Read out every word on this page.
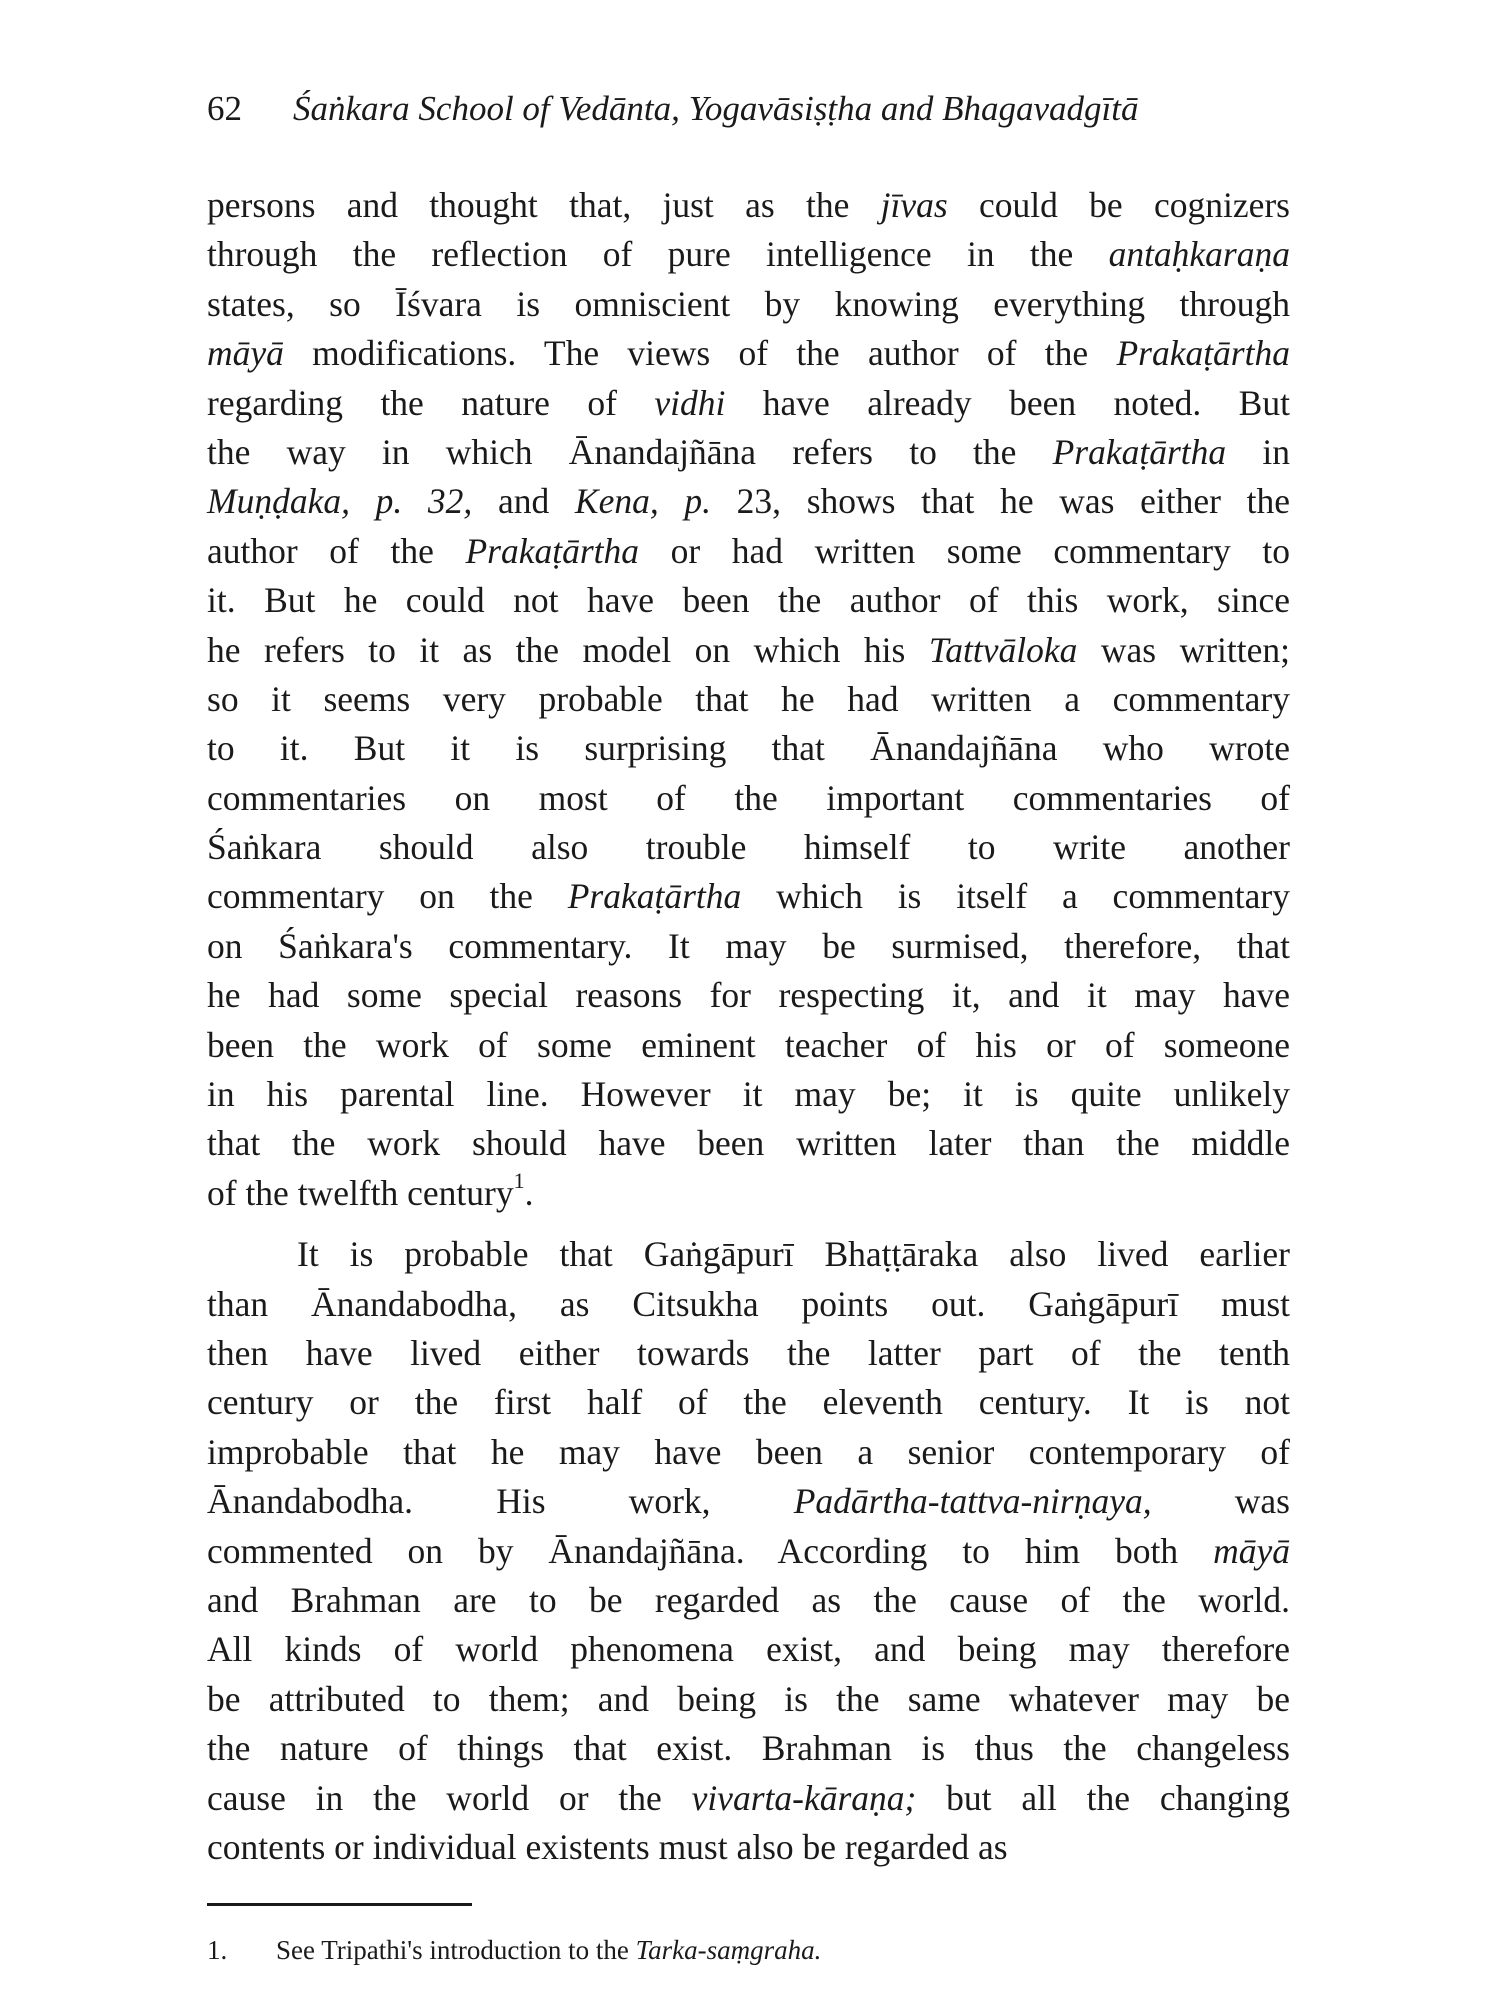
62 Śaṅkara School of Vedānta, Yogavāsiṣṭha and Bhagavadgītā
persons and thought that, just as the jīvas could be cognizers
through the reflection of pure intelligence in the antaḥkaraṇa
states, so Īśvara is omniscient by knowing everything through
māyā modifications. The views of the author of the Prakaṭārtha
regarding the nature of vidhi have already been noted. But
the way in which Ānandajñāna refers to the Prakaṭārtha in
Muṇḍaka, p. 32, and Kena, p. 23, shows that he was either the
author of the Prakaṭārtha or had written some commentary to
it. But he could not have been the author of this work, since
he refers to it as the model on which his Tattvāloka was written;
so it seems very probable that he had written a commentary
to it. But it is surprising that Ānandajñāna who wrote
commentaries on most of the important commentaries of
Śaṅkara should also trouble himself to write another
commentary on the Prakaṭārtha which is itself a commentary
on Śaṅkara's commentary. It may be surmised, therefore, that
he had some special reasons for respecting it, and it may have
been the work of some eminent teacher of his or of someone
in his parental line. However it may be; it is quite unlikely
that the work should have been written later than the middle
of the twelfth century$^1$.
It is probable that Gaṅgāpurī Bhaṭṭāraka also lived earlier
than Ānandabodha, as Citsukha points out. Gaṅgāpurī must
then have lived either towards the latter part of the tenth
century or the first half of the eleventh century. It is not
improbable that he may have been a senior contemporary of
Ānandabodha. His work, Padārtha-tattva-nirṇaya, was
commented on by Ānandajñāna. According to him both māyā
and Brahman are to be regarded as the cause of the world.
All kinds of world phenomena exist, and being may therefore
be attributed to them; and being is the same whatever may be
the nature of things that exist. Brahman is thus the changeless
cause in the world or the vivarta-kāraṇa; but all the changing
contents or individual existents must also be regarded as
1. See Tripathi's introduction to the Tarka-saṃgraha.
